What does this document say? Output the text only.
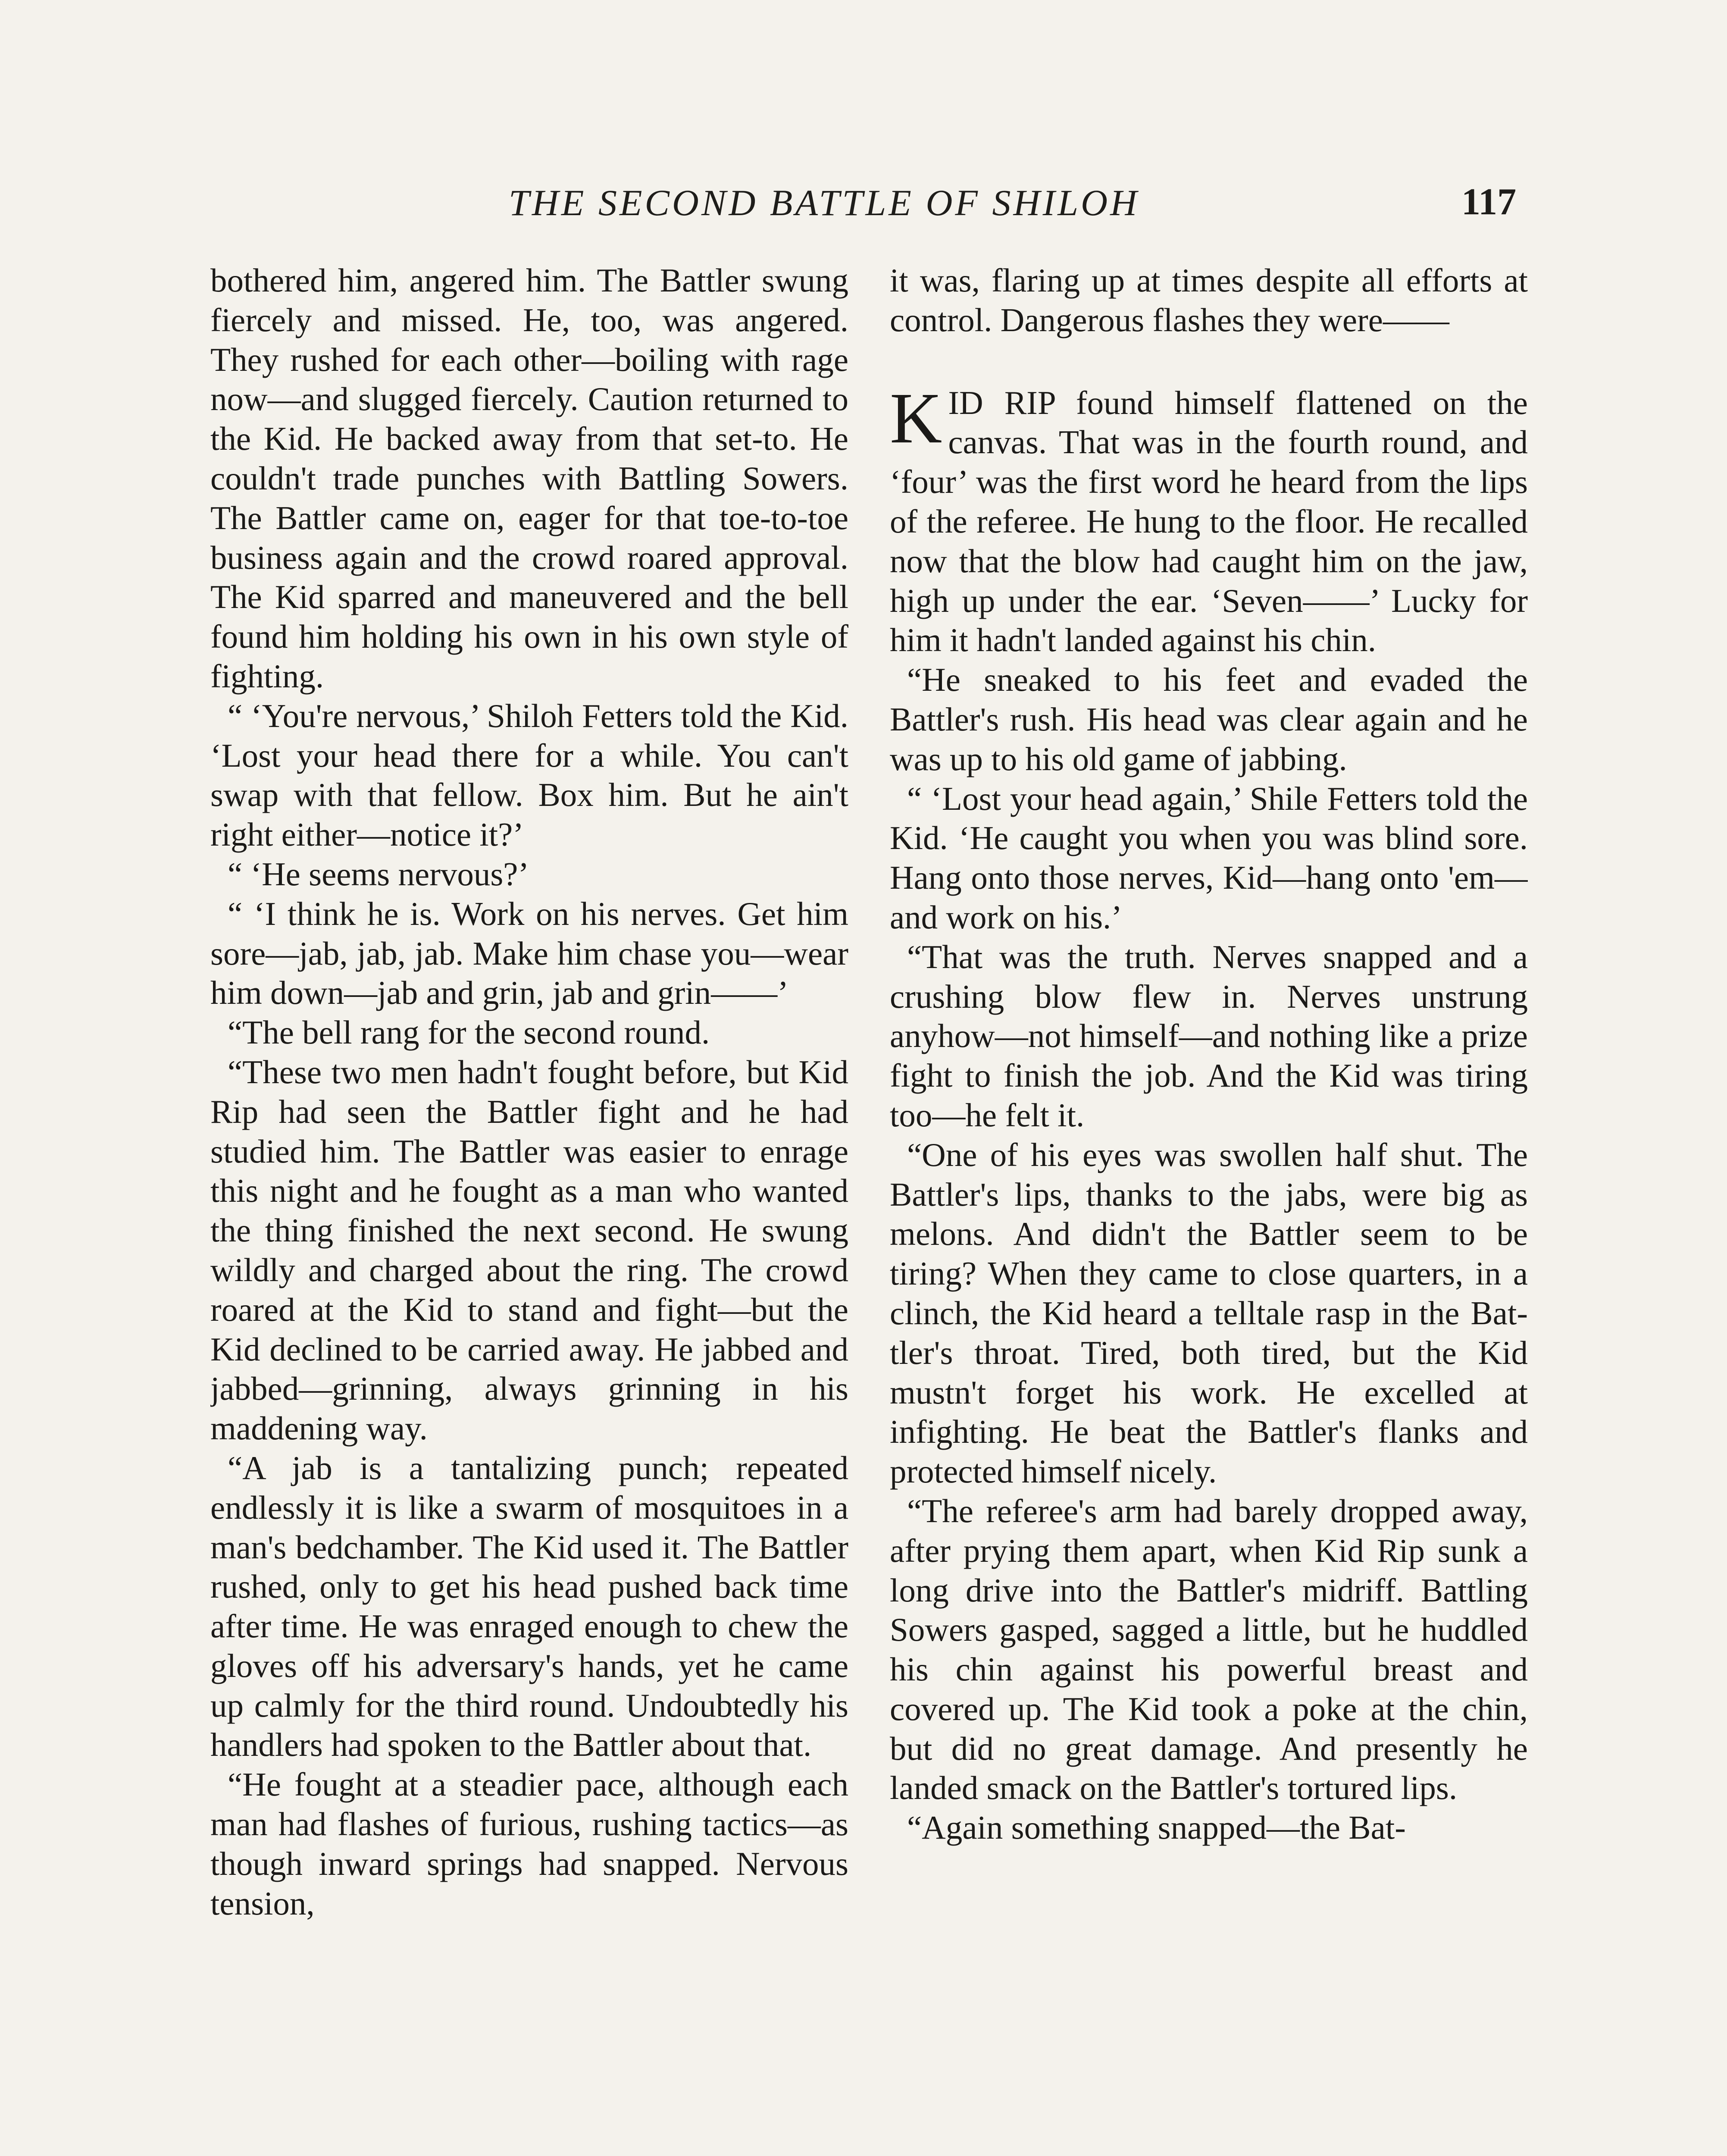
THE SECOND BATTLE OF SHILOH	117

bothered him, angered him. The Battler swung fiercely and missed. He, too, was angered. They rushed for each other—boiling with rage now—and slugged fiercely. Caution returned to the Kid. He backed away from that set-to. He couldn't trade punches with Battling Sowers. The Battler came on, eager for that toe-to-toe business again and the crowd roared approval. The Kid sparred and maneuvered and the bell found him holding his own in his own style of fighting.

“ ‘You're nervous,’ Shiloh Fetters told the Kid. ‘Lost your head there for a while. You can't swap with that fellow. Box him. But he ain't right either—notice it?’

“ ‘He seems nervous?’

“ ‘I think he is. Work on his nerves. Get him sore—jab, jab, jab. Make him chase you—wear him down—jab and grin, jab and grin——’

“The bell rang for the second round.

“These two men hadn't fought before, but Kid Rip had seen the Battler fight and he had studied him. The Battler was easier to enrage this night and he fought as a man who wanted the thing finished the next second. He swung wildly and charged about the ring. The crowd roared at the Kid to stand and fight—but the Kid declined to be carried away. He jabbed and jabbed—grinning, always grinning in his maddening way.

“A jab is a tantalizing punch; repeated endlessly it is like a swarm of mosquitoes in a man's bedchamber. The Kid used it. The Battler rushed, only to get his head pushed back time after time. He was enraged enough to chew the gloves off his adversary's hands, yet he came up calmly for the third round. Undoubtedly his handlers had spoken to the Battler about that.

“He fought at a steadier pace, although each man had flashes of furious, rushing tactics—as though inward springs had snapped. Nervous tension,

it was, flaring up at times despite all efforts at control. Dangerous flashes they were——

KID RIP found himself flattened on the canvas. That was in the fourth round, and ‘four’ was the first word he heard from the lips of the referee. He hung to the floor. He recalled now that the blow had caught him on the jaw, high up under the ear. ‘Seven——’ Lucky for him it hadn't landed against his chin.

“He sneaked to his feet and evaded the Battler's rush. His head was clear again and he was up to his old game of jabbing.

“ ‘Lost your head again,’ Shile Fetters told the Kid. ‘He caught you when you was blind sore. Hang onto those nerves, Kid—hang onto 'em—and work on his.’

“That was the truth. Nerves snapped and a crushing blow flew in. Nerves unstrung anyhow—not himself—and nothing like a prize fight to finish the job. And the Kid was tiring too—he felt it.

“One of his eyes was swollen half shut. The Battler's lips, thanks to the jabs, were big as melons. And didn't the Battler seem to be tiring? When they came to close quarters, in a clinch, the Kid heard a telltale rasp in the Battler's throat. Tired, both tired, but the Kid mustn't forget his work. He excelled at infighting. He beat the Battler's flanks and protected himself nicely.

“The referee's arm had barely dropped away, after prying them apart, when Kid Rip sunk a long drive into the Battler's midriff. Battling Sowers gasped, sagged a little, but he huddled his chin against his powerful breast and covered up. The Kid took a poke at the chin, but did no great damage. And presently he landed smack on the Battler's tortured lips.

“Again something snapped—the Bat-
